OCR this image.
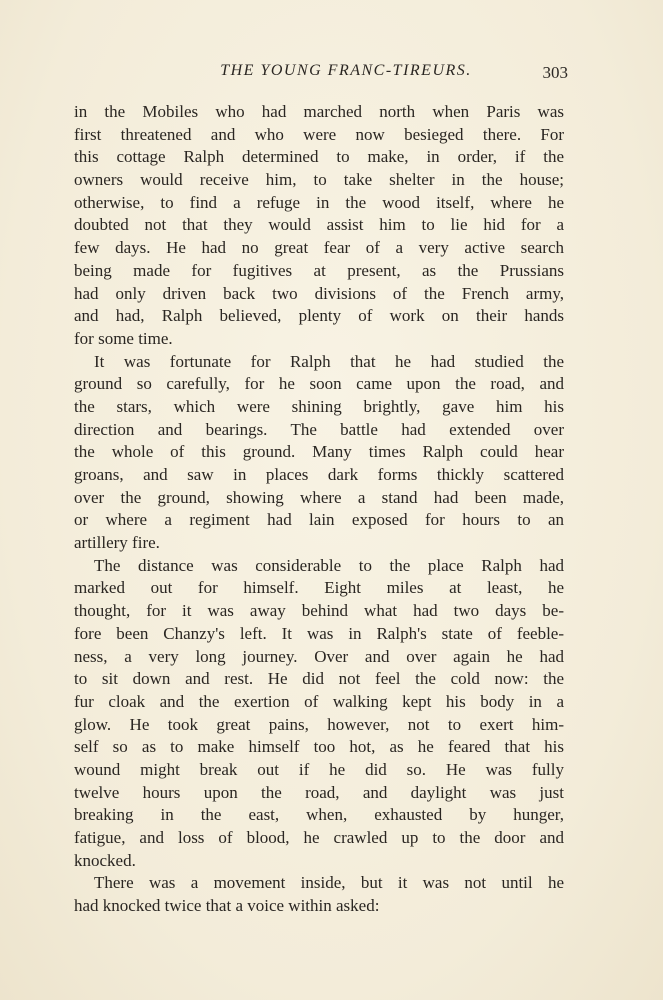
THE YOUNG FRANC-TIREURS.	303
in the Mobiles who had marched north when Paris was
first threatened and who were now besieged there. For
this cottage Ralph determined to make, in order, if the
owners would receive him, to take shelter in the house;
otherwise, to find a refuge in the wood itself, where he
doubted not that they would assist him to lie hid for a
few days. He had no great fear of a very active search
being made for fugitives at present, as the Prussians
had only driven back two divisions of the French army,
and had, Ralph believed, plenty of work on their hands
for some time.
It was fortunate for Ralph that he had studied the
ground so carefully, for he soon came upon the road, and
the stars, which were shining brightly, gave him his
direction and bearings. The battle had extended over
the whole of this ground. Many times Ralph could hear
groans, and saw in places dark forms thickly scattered
over the ground, showing where a stand had been made,
or where a regiment had lain exposed for hours to an
artillery fire.
The distance was considerable to the place Ralph had
marked out for himself. Eight miles at least, he
thought, for it was away behind what had two days be-
fore been Chanzy's left. It was in Ralph's state of feeble-
ness, a very long journey. Over and over again he had
to sit down and rest. He did not feel the cold now: the
fur cloak and the exertion of walking kept his body in a
glow. He took great pains, however, not to exert him-
self so as to make himself too hot, as he feared that his
wound might break out if he did so. He was fully
twelve hours upon the road, and daylight was just
breaking in the east, when, exhausted by hunger,
fatigue, and loss of blood, he crawled up to the door and
knocked.
There was a movement inside, but it was not until he
had knocked twice that a voice within asked:
